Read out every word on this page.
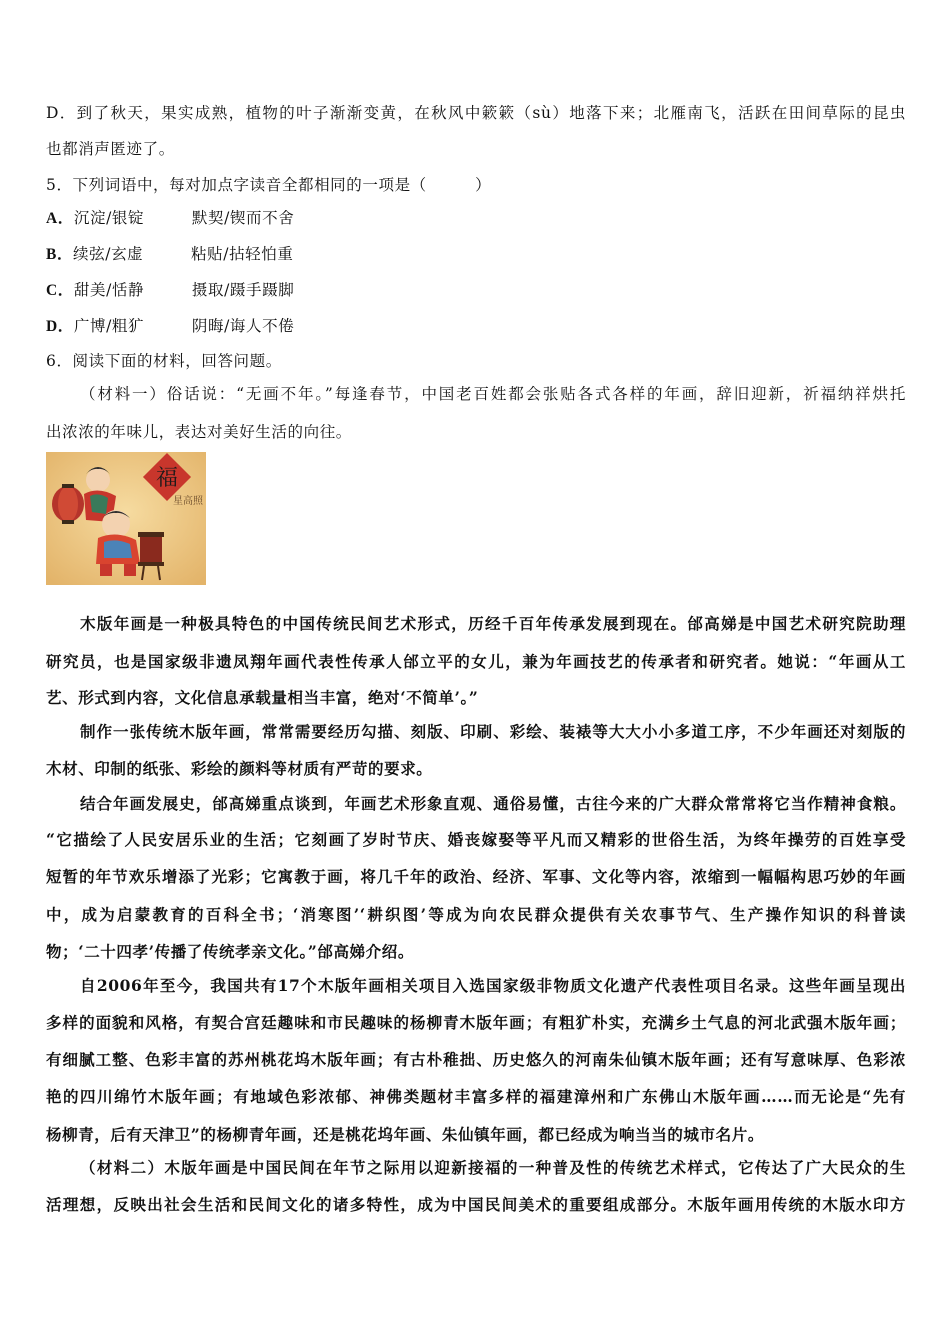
D．到了秋天，果实成熟，植物的叶子渐渐变黄，在秋风中簌簌（sù）地落下来；北雁南飞，活跃在田间草际的昆虫
也都消声匿迹了。
5．下列词语中，每对加点字读音全都相同的一项是（　　　）
A．沉淀/银锭	默契/锲而不舍
B．续弦/玄虚	粘贴/拈轻怕重
C．甜美/恬静	摄取/蹑手蹑脚
D．广博/粗犷	阴晦/诲人不倦
6．阅读下面的材料，回答问题。
（材料一）俗话说：“无画不年。”每逢春节，中国老百姓都会张贴各式各样的年画，辞旧迎新，祈福纳祥烘托
出浓浓的年味儿，表达对美好生活的向往。
福
星高照
木版年画是一种极具特色的中国传统民间艺术形式，历经千百年传承发展到现在。邰高娣是中国艺术研究院助理
研究员，也是国家级非遗凤翔年画代表性传承人邰立平的女儿，兼为年画技艺的传承者和研究者。她说：“年画从工
艺、形式到内容，文化信息承载量相当丰富，绝对‘不简单’。”
制作一张传统木版年画，常常需要经历勾描、刻版、印刷、彩绘、装裱等大大小小多道工序，不少年画还对刻版的
木材、印制的纸张、彩绘的颜料等材质有严苛的要求。
结合年画发展史，邰高娣重点谈到，年画艺术形象直观、通俗易懂，古往今来的广大群众常常将它当作精神食粮。
“它描绘了人民安居乐业的生活；它刻画了岁时节庆、婚丧嫁娶等平凡而又精彩的世俗生活，为终年操劳的百姓享受
短暂的年节欢乐增添了光彩；它寓教于画，将几千年的政治、经济、军事、文化等内容，浓缩到一幅幅构思巧妙的年画
中，成为启蒙教育的百科全书；‘消寒图’‘耕织图’等成为向农民群众提供有关农事节气、生产操作知识的科普读
物；‘二十四孝’传播了传统孝亲文化。”邰高娣介绍。
自2006年至今，我国共有17个木版年画相关项目入选国家级非物质文化遗产代表性项目名录。这些年画呈现出
多样的面貌和风格，有契合宫廷趣味和市民趣味的杨柳青木版年画；有粗犷朴实，充满乡土气息的河北武强木版年画；
有细腻工整、色彩丰富的苏州桃花坞木版年画；有古朴稚拙、历史悠久的河南朱仙镇木版年画；还有写意味厚、色彩浓
艳的四川绵竹木版年画；有地域色彩浓郁、神佛类题材丰富多样的福建漳州和广东佛山木版年画……而无论是“先有
杨柳青，后有天津卫”的杨柳青年画，还是桃花坞年画、朱仙镇年画，都已经成为响当当的城市名片。
（材料二）木版年画是中国民间在年节之际用以迎新接福的一种普及性的传统艺术样式，它传达了广大民众的生
活理想，反映出社会生活和民间文化的诸多特性，成为中国民间美术的重要组成部分。木版年画用传统的木版水印方
